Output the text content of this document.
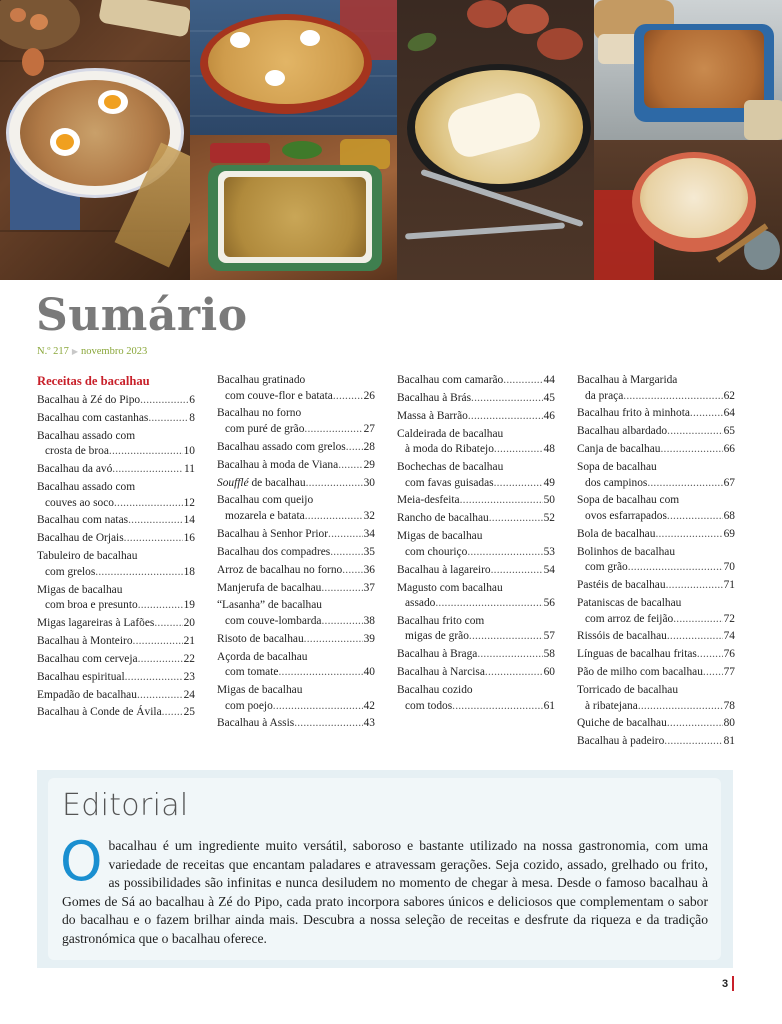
Sumário
N.º 217 ▶ novembro 2023
Receitas de bacalhau
Bacalhau à Zé do Pipo .....	6
Bacalhau com castanhas .....	8
Bacalhau assado com
crosta de broa .....	10
Bacalhau da avó .....	11
Bacalhau assado com
couves ao soco .....	12
Bacalhau com natas .....	14
Bacalhau de Orjais .....	16
Tabuleiro de bacalhau
com grelos .....	18
Migas de bacalhau
com broa e presunto .....	19
Migas lagareiras à Lafões .....	20
Bacalhau à Monteiro .....	21
Bacalhau com cerveja .....	22
Bacalhau espiritual .....	23
Empadão de bacalhau .....	24
Bacalhau à Conde de Ávila ..... 25
Bacalhau gratinado
com couve-flor e batata .....	26
Bacalhau no forno
com puré de grão .....	27
Bacalhau assado com grelos ..... 28
Bacalhau à moda de Viana ..... 29
Soufflé de bacalhau .....	30
Bacalhau com queijo
mozarela e batata .....	32
Bacalhau à Senhor Prior .....	34
Bacalhau dos compadres .....	35
Arroz de bacalhau no forno ..... 36
Manjerufa de bacalhau .....	37
“Lasanha” de bacalhau
com couve-lombarda .....	38
Risoto de bacalhau .....	39
Açorda de bacalhau
com tomate .....	40
Migas de bacalhau
com poejo .....	42
Bacalhau à Assis .....	43
Bacalhau com camarão .....	44
Bacalhau à Brás .....	45
Massa à Barrão .....	46
Caldeirada de bacalhau
à moda do Ribatejo .....	48
Bochechas de bacalhau
com favas guisadas .....	49
Meia-desfeita .....	50
Rancho de bacalhau .....	52
Migas de bacalhau
com chouriço .....	53
Bacalhau à lagareiro .....	54
Magusto com bacalhau
assado .....	56
Bacalhau frito com
migas de grão .....	57
Bacalhau à Braga .....	58
Bacalhau à Narcisa .....	60
Bacalhau cozido
com todos .....	61
Bacalhau à Margarida
da praça .....	62
Bacalhau frito à minhota .....	64
Bacalhau albardado .....	65
Canja de bacalhau .....	66
Sopa de bacalhau
dos campinos .....	67
Sopa de bacalhau com
ovos esfarrapados .....	68
Bola de bacalhau .....	69
Bolinhos de bacalhau
com grão .....	70
Pastéis de bacalhau .....	71
Pataniscas de bacalhau
com arroz de feijão .....	72
Rissóis de bacalhau .....	74
Línguas de bacalhau fritas ..... 76
Pão de milho com bacalhau ..... 77
Torricado de bacalhau
à ribatejana .....	78
Quiche de bacalhau .....	80
Bacalhau à padeiro .....	81
Editorial
Obacalhau é um ingrediente muito versátil, saboroso e bastante utilizado na nossa gastronomia, com uma variedade de receitas que encantam paladares e atravessam gerações. Seja cozido, assado, grelhado ou frito, as possibilidades são infinitas e nunca desiludem no momento de chegar à mesa. Desde o famoso bacalhau à Gomes de Sá ao bacalhau à Zé do Pipo, cada prato incorpora sabores únicos e deliciosos que complementam o sabor do bacalhau e o fazem brilhar ainda mais. Descubra a nossa seleção de receitas e desfrute da riqueza e da tradição gastronómica que o bacalhau oferece.
3
